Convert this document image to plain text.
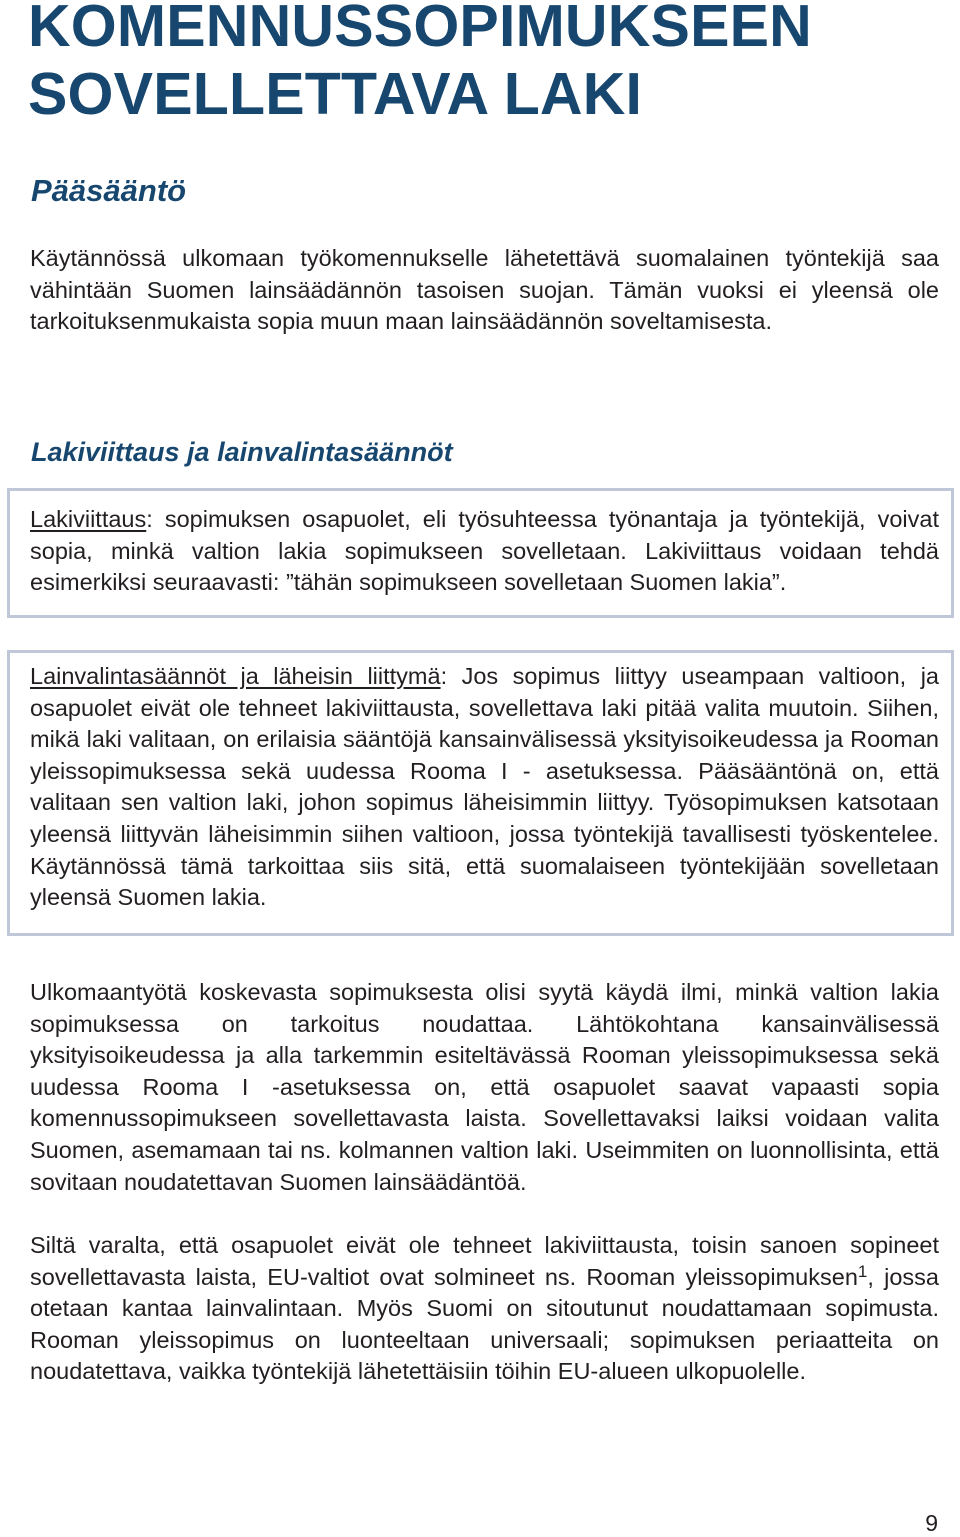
KOMENNUSSOPIMUKSEEN
SOVELLETTAVA LAKI
Pääsääntö

Käytännössä ulkomaan työkomennukselle lähetettävä suomalainen työntekijä saa vähintään Suomen lainsäädännön tasoisen suojan. Tämän vuoksi ei yleensä ole tarkoituksenmukaista sopia muun maan lainsäädännön soveltamisesta.

Lakiviittaus ja lainvalintasäännöt

Lakiviittaus: sopimuksen osapuolet, eli työsuhteessa työnantaja ja työntekijä, voivat sopia, minkä valtion lakia sopimukseen sovelletaan. Lakiviittaus voidaan tehdä esimerkiksi seuraavasti: ”tähän sopimukseen sovelletaan Suomen lakia”.

Lainvalintasäännöt ja läheisin liittymä: Jos sopimus liittyy useampaan valtioon, ja osapuolet eivät ole tehneet lakiviittausta, sovellettava laki pitää valita muutoin. Siihen, mikä laki valitaan, on erilaisia sääntöjä kansainvälisessä yksityisoikeudessa ja Rooman yleissopimuksessa sekä uudessa Rooma I - asetuksessa. Pääsääntönä on, että valitaan sen valtion laki, johon sopimus läheisimmin liittyy. Työsopimuksen katsotaan yleensä liittyvän läheisimmin siihen valtioon, jossa työntekijä tavallisesti työskentelee. Käytännössä tämä tarkoittaa siis sitä, että suomalaiseen työntekijään sovelletaan yleensä Suomen lakia.

Ulkomaantyötä koskevasta sopimuksesta olisi syytä käydä ilmi, minkä valtion lakia sopimuksessa on tarkoitus noudattaa. Lähtökohtana kansainvälisessä yksityisoikeudessa ja alla tarkemmin esiteltävässä Rooman yleissopimuksessa sekä uudessa Rooma I -asetuksessa on, että osapuolet saavat vapaasti sopia komennussopimukseen sovellettavasta laista. Sovellettavaksi laiksi voidaan valita Suomen, asemamaan tai ns. kolmannen valtion laki. Useimmiten on luonnollisinta, että sovitaan noudatettavan Suomen lainsäädäntöä.

Siltä varalta, että osapuolet eivät ole tehneet lakiviittausta, toisin sanoen sopineet sovellettavasta laista, EU-valtiot ovat solmineet ns. Rooman yleissopimuksen$^1$, jossa otetaan kantaa lainvalintaan. Myös Suomi on sitoutunut noudattamaan sopimusta. Rooman yleissopimus on luonteeltaan universaali; sopimuksen periaatteita on noudatettava, vaikka työntekijä lähetettäisiin töihin EU-alueen ulkopuolelle.

9
